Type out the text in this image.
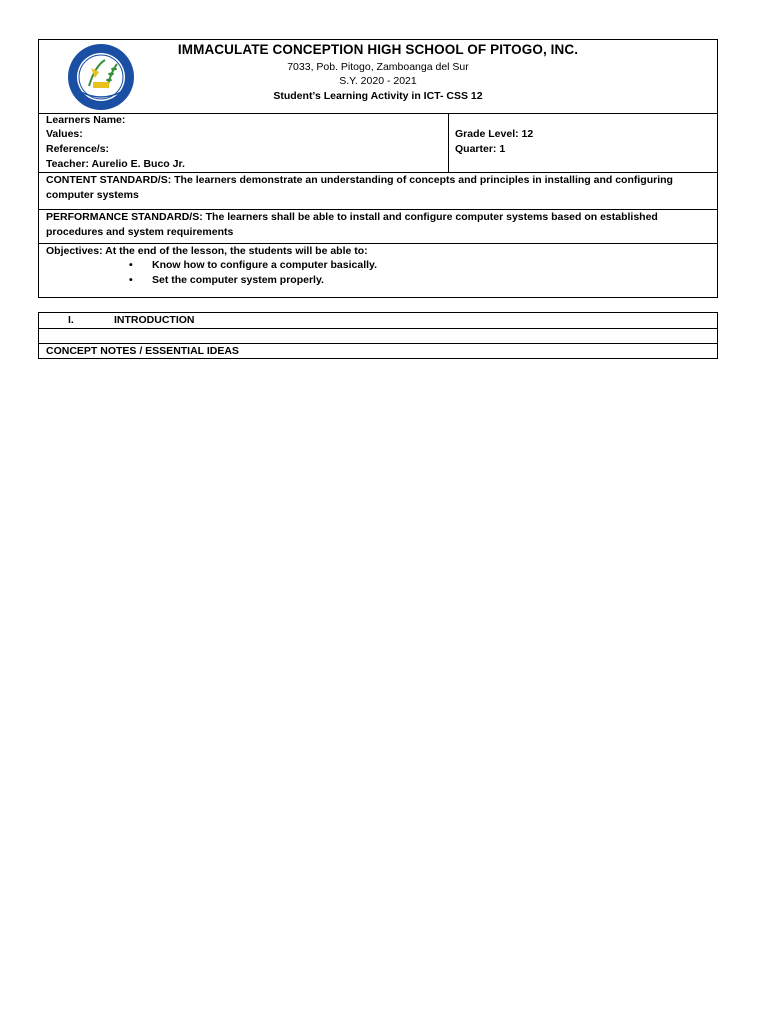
IMMACULATE CONCEPTION HIGH SCHOOL OF PITOGO, INC.
7033, Pob. Pitogo, Zamboanga del Sur
S.Y. 2020 - 2021
Student’s Learning Activity in ICT- CSS 12
Learners Name:
Values:
Reference/s:
Teacher: Aurelio E. Buco Jr.
Grade Level: 12
Quarter: 1
CONTENT STANDARD/S: The learners demonstrate an understanding of concepts and principles in installing and configuring computer systems
PERFORMANCE STANDARD/S: The learners shall be able to install and configure computer systems based on established procedures and system requirements
Objectives: At the end of the lesson, the students will be able to:
• Know how to configure a computer basically.
• Set the computer system properly.
I.	INTRODUCTION
CONCEPT NOTES / ESSENTIAL IDEAS
